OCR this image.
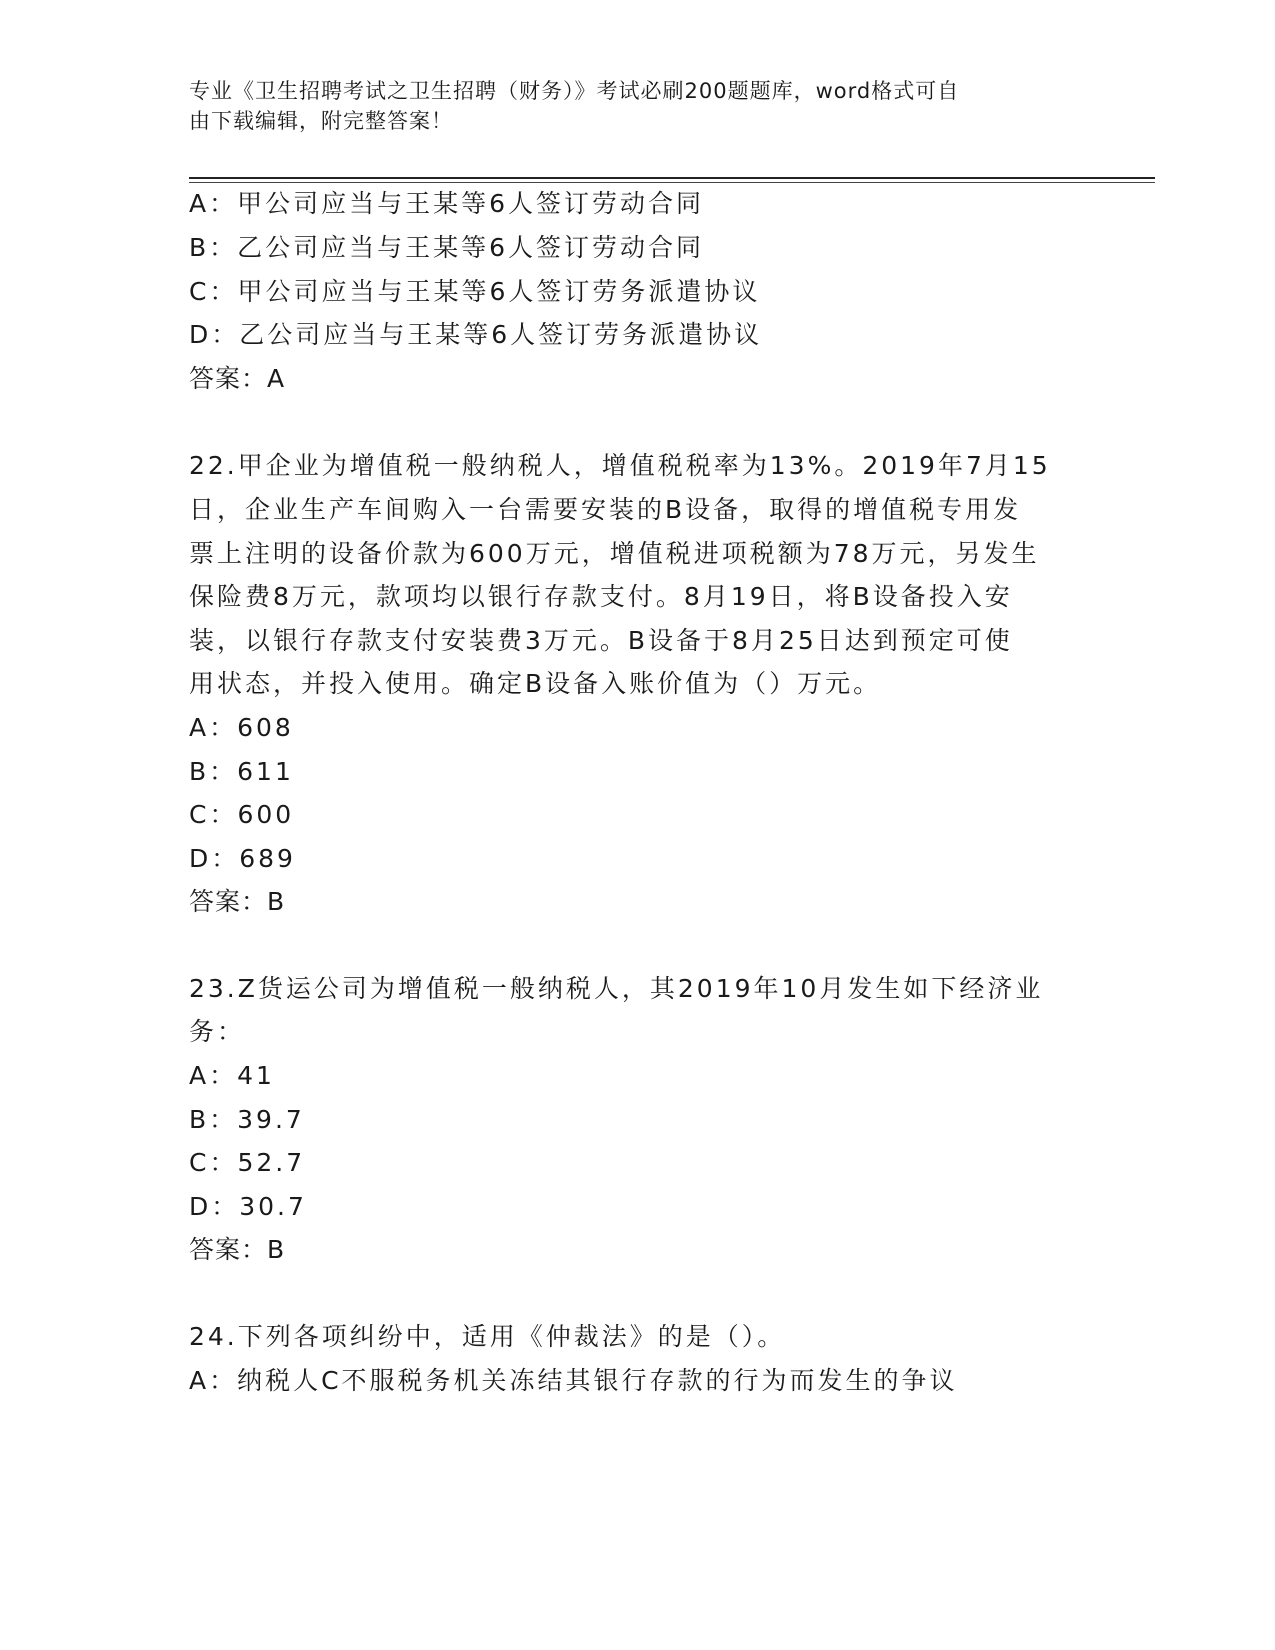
专业《卫生招聘考试之卫生招聘（财务）》考试必刷200题题库，word格式可自
由下载编辑，附完整答案！
A：甲公司应当与王某等6人签订劳动合同
B：乙公司应当与王某等6人签订劳动合同
C：甲公司应当与王某等6人签订劳务派遣协议
D：乙公司应当与王某等6人签订劳务派遣协议
答案：A
22.甲企业为增值税一般纳税人，增值税税率为13%。2019年7月15
日，企业生产车间购入一台需要安装的B设备，取得的增值税专用发
票上注明的设备价款为600万元，增值税进项税额为78万元，另发生
保险费8万元，款项均以银行存款支付。8月19日，将B设备投入安
装，以银行存款支付安装费3万元。B设备于8月25日达到预定可使
用状态，并投入使用。确定B设备入账价值为（）万元。
A：608
B：611
C：600
D：689
答案：B
23.Z货运公司为增值税一般纳税人，其2019年10月发生如下经济业
务：
A：41
B：39.7
C：52.7
D：30.7
答案：B
24.下列各项纠纷中，适用《仲裁法》的是（）。
A：纳税人C不服税务机关冻结其银行存款的行为而发生的争议
